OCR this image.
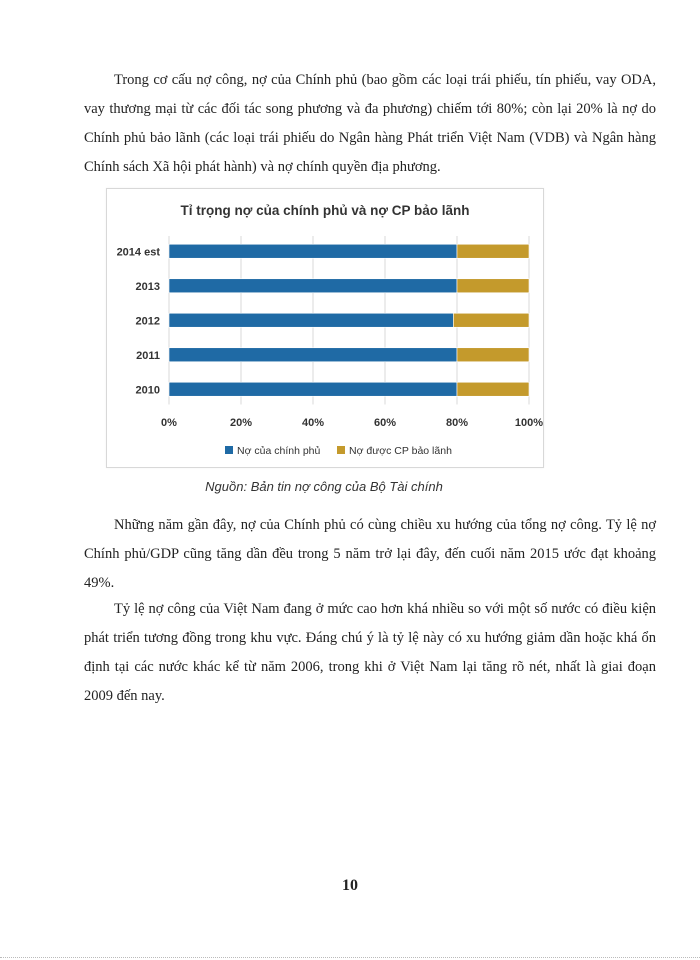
Trong cơ cấu nợ công, nợ của Chính phủ (bao gồm các loại trái phiếu, tín phiếu, vay ODA, vay thương mại từ các đối tác song phương và đa phương) chiếm tới 80%; còn lại 20% là nợ do Chính phủ bảo lãnh (các loại trái phiếu do Ngân hàng Phát triển Việt Nam (VDB) và Ngân hàng Chính sách Xã hội phát hành) và nợ chính quyền địa phương.

Tỉ trọng nợ của chính phủ và nợ CP bảo lãnh
2014 est
2013
2012
2011
2010
0%	20%	40%	60%	80%	100%
Nợ của chính phủ	Nợ được CP bảo lãnh

Nguồn: Bản tin nợ công của Bộ Tài chính

Những năm gần đây, nợ của Chính phủ có cùng chiều xu hướng của tổng nợ công. Tỷ lệ nợ Chính phủ/GDP cũng tăng dần đều trong 5 năm trở lại đây, đến cuối năm 2015 ước đạt khoảng 49%.

Tỷ lệ nợ công của Việt Nam đang ở mức cao hơn khá nhiều so với một số nước có điều kiện phát triển tương đồng trong khu vực. Đáng chú ý là tỷ lệ này có xu hướng giảm dần hoặc khá ổn định tại các nước khác kể từ năm 2006, trong khi ở Việt Nam lại tăng rõ nét, nhất là giai đoạn 2009 đến nay.

10
